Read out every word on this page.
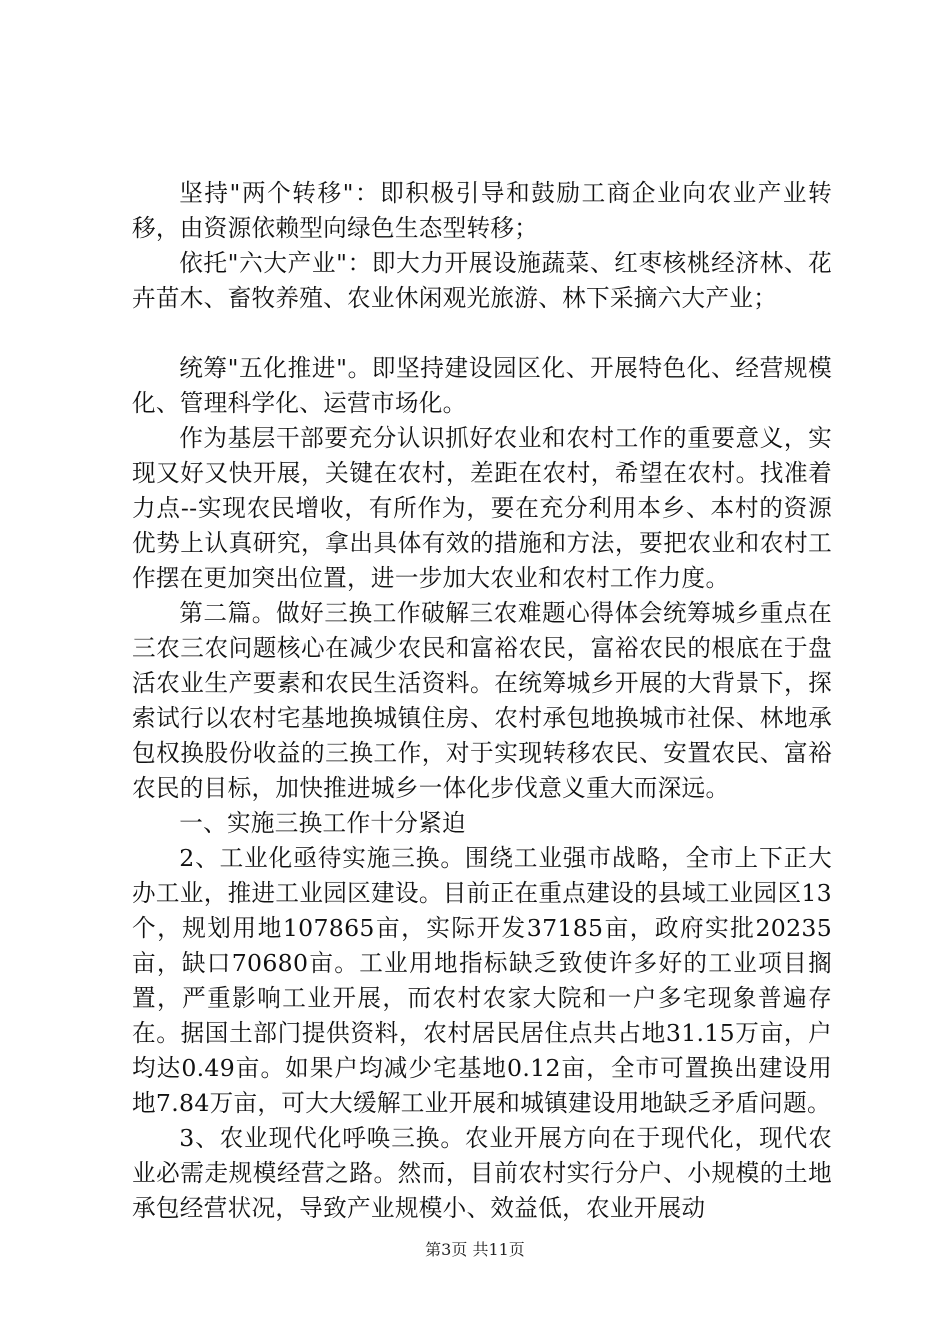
坚持"两个转移"：即积极引导和鼓励工商企业向农业产业转移，由资源依赖型向绿色生态型转移；

依托"六大产业"：即大力开展设施蔬菜、红枣核桃经济林、花卉苗木、畜牧养殖、农业休闲观光旅游、林下采摘六大产业；

统筹"五化推进"。即坚持建设园区化、开展特色化、经营规模化、管理科学化、运营市场化。

作为基层干部要充分认识抓好农业和农村工作的重要意义，实现又好又快开展，关键在农村，差距在农村，希望在农村。找准着力点--实现农民增收，有所作为，要在充分利用本乡、本村的资源优势上认真研究，拿出具体有效的措施和方法，要把农业和农村工作摆在更加突出位置，进一步加大农业和农村工作力度。

第二篇。做好三换工作破解三农难题心得体会统筹城乡重点在三农三农问题核心在减少农民和富裕农民，富裕农民的根底在于盘活农业生产要素和农民生活资料。在统筹城乡开展的大背景下，探索试行以农村宅基地换城镇住房、农村承包地换城市社保、林地承包权换股份收益的三换工作，对于实现转移农民、安置农民、富裕农民的目标，加快推进城乡一体化步伐意义重大而深远。

一、实施三换工作十分紧迫

2、工业化亟待实施三换。围绕工业强市战略，全市上下正大办工业，推进工业园区建设。目前正在重点建设的县域工业园区13个，规划用地107865亩，实际开发37185亩，政府实批20235亩，缺口70680亩。工业用地指标缺乏致使许多好的工业项目搁置，严重影响工业开展，而农村农家大院和一户多宅现象普遍存在。据国土部门提供资料，农村居民居住点共占地31.15万亩，户均达0.49亩。如果户均减少宅基地0.12亩，全市可置换出建设用地7.84万亩，可大大缓解工业开展和城镇建设用地缺乏矛盾问题。

3、农业现代化呼唤三换。农业开展方向在于现代化，现代农业必需走规模经营之路。然而，目前农村实行分户、小规模的土地承包经营状况，导致产业规模小、效益低，农业开展动

第3页 共11页
